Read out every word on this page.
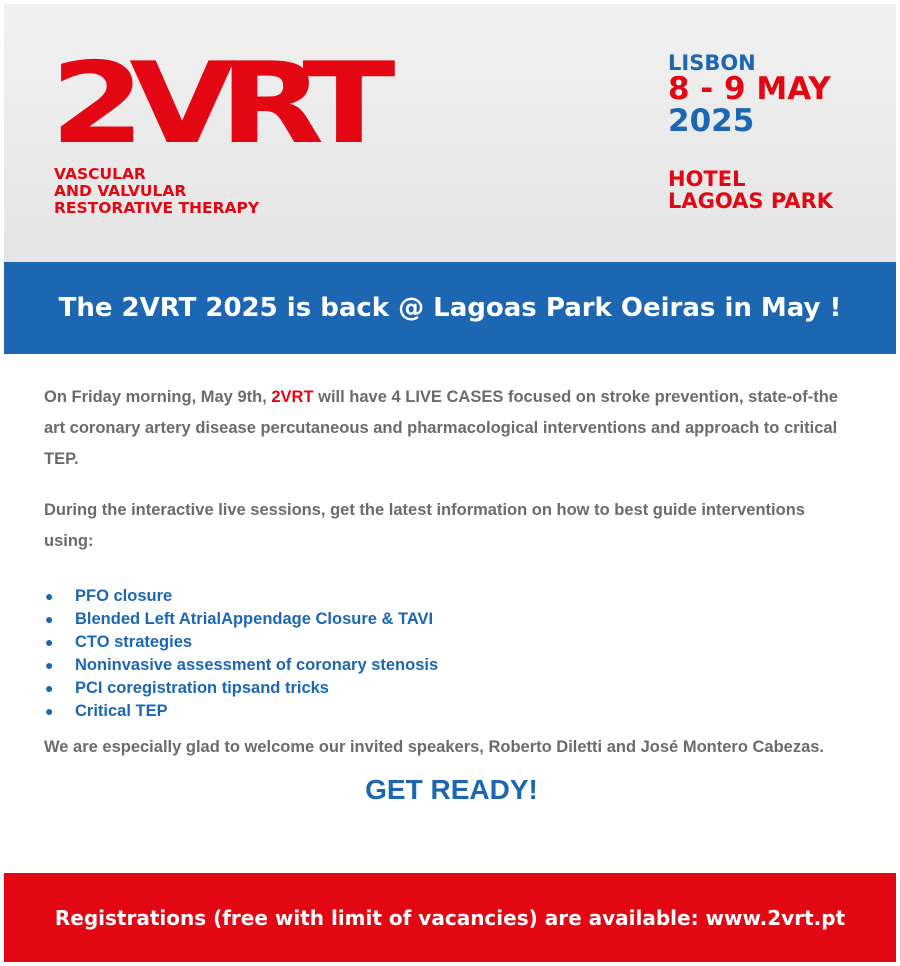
2VRT
VASCULAR
AND VALVULAR
RESTORATIVE THERAPY
LISBON
8 - 9 MAY
2025
HOTEL
LAGOAS PARK
The 2VRT 2025 is back @ Lagoas Park Oeiras in May !

On Friday morning, May 9th, 2VRT will have 4 LIVE CASES focused on stroke prevention, state-of-the art coronary artery disease percutaneous and pharmacological interventions and approach to critical TEP.

During the interactive live sessions, get the latest information on how to best guide interventions using:

● PFO closure
● Blended Left AtrialAppendage Closure & TAVI
● CTO strategies
● Noninvasive assessment of coronary stenosis
● PCI coregistration tipsand tricks
● Critical TEP

We are especially glad to welcome our invited speakers, Roberto Diletti and José Montero Cabezas.

GET READY!
Registrations (free with limit of vacancies) are available: www.2vrt.pt
